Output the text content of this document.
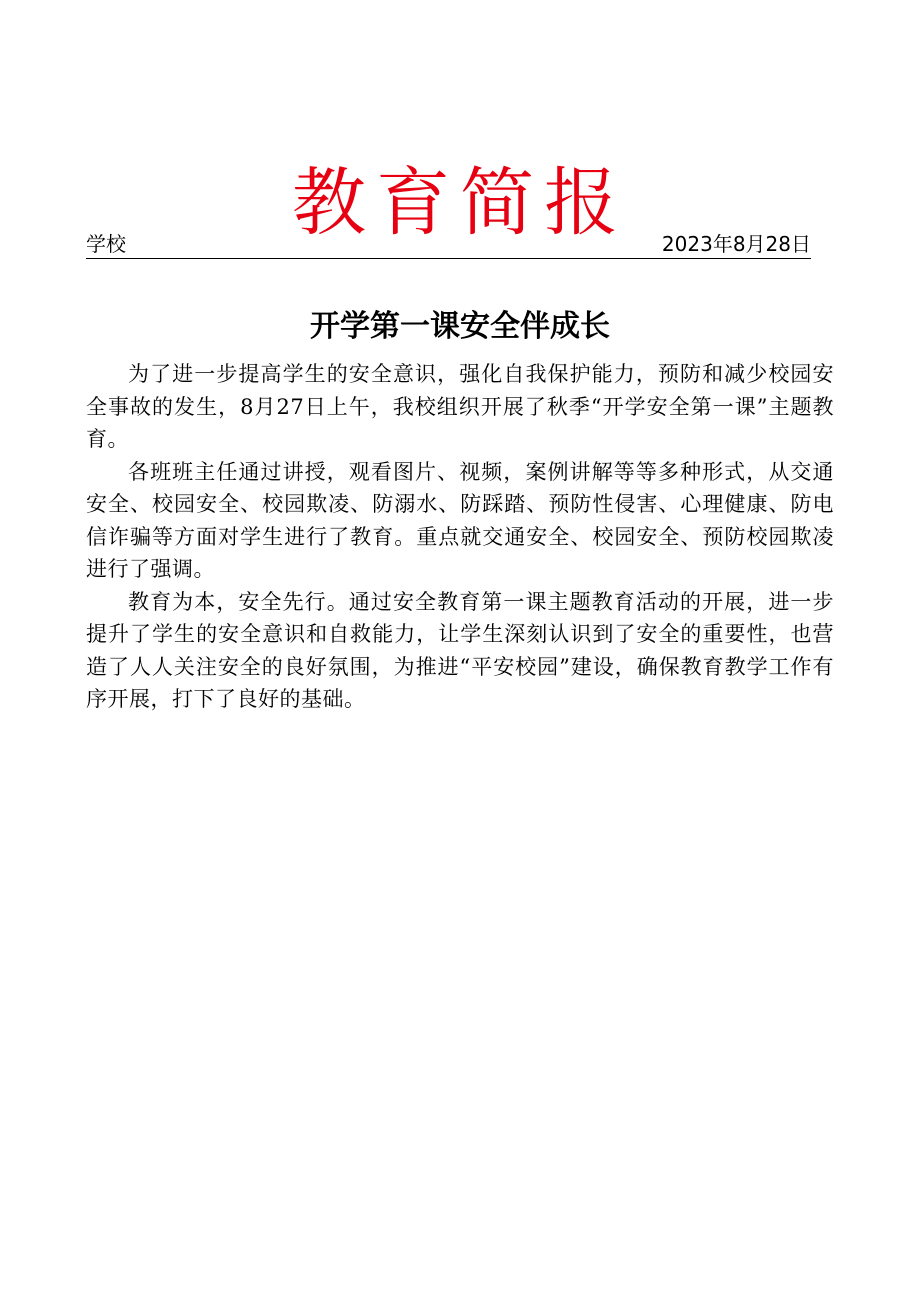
教育简报
学校	2023年8月28日
开学第一课安全伴成长

为了进一步提高学生的安全意识，强化自我保护能力，预防和减少校园安全事故的发生，8月27日上午，我校组织开展了秋季“开学安全第一课”主题教育。

各班班主任通过讲授，观看图片、视频，案例讲解等等多种形式，从交通安全、校园安全、校园欺凌、防溺水、防踩踏、预防性侵害、心理健康、防电信诈骗等方面对学生进行了教育。重点就交通安全、校园安全、预防校园欺凌进行了强调。

教育为本，安全先行。通过安全教育第一课主题教育活动的开展，进一步提升了学生的安全意识和自救能力，让学生深刻认识到了安全的重要性，也营造了人人关注安全的良好氛围，为推进“平安校园”建设，确保教育教学工作有序开展，打下了良好的基础。
